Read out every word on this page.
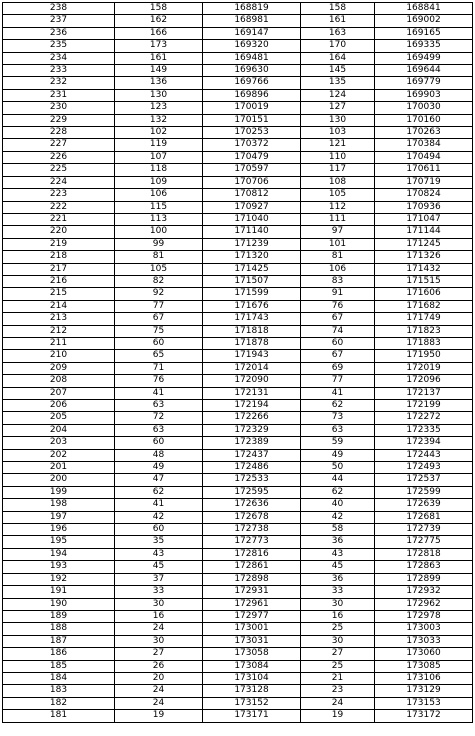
238	158	168819	158	168841
237	162	168981	161	169002
236	166	169147	163	169165
235	173	169320	170	169335
234	161	169481	164	169499
233	149	169630	145	169644
232	136	169766	135	169779
231	130	169896	124	169903
230	123	170019	127	170030
229	132	170151	130	170160
228	102	170253	103	170263
227	119	170372	121	170384
226	107	170479	110	170494
225	118	170597	117	170611
224	109	170706	108	170719
223	106	170812	105	170824
222	115	170927	112	170936
221	113	171040	111	171047
220	100	171140	97	171144
219	99	171239	101	171245
218	81	171320	81	171326
217	105	171425	106	171432
216	82	171507	83	171515
215	92	171599	91	171606
214	77	171676	76	171682
213	67	171743	67	171749
212	75	171818	74	171823
211	60	171878	60	171883
210	65	171943	67	171950
209	71	172014	69	172019
208	76	172090	77	172096
207	41	172131	41	172137
206	63	172194	62	172199
205	72	172266	73	172272
204	63	172329	63	172335
203	60	172389	59	172394
202	48	172437	49	172443
201	49	172486	50	172493
200	47	172533	44	172537
199	62	172595	62	172599
198	41	172636	40	172639
197	42	172678	42	172681
196	60	172738	58	172739
195	35	172773	36	172775
194	43	172816	43	172818
193	45	172861	45	172863
192	37	172898	36	172899
191	33	172931	33	172932
190	30	172961	30	172962
189	16	172977	16	172978
188	24	173001	25	173003
187	30	173031	30	173033
186	27	173058	27	173060
185	26	173084	25	173085
184	20	173104	21	173106
183	24	173128	23	173129
182	24	173152	24	173153
181	19	173171	19	173172
